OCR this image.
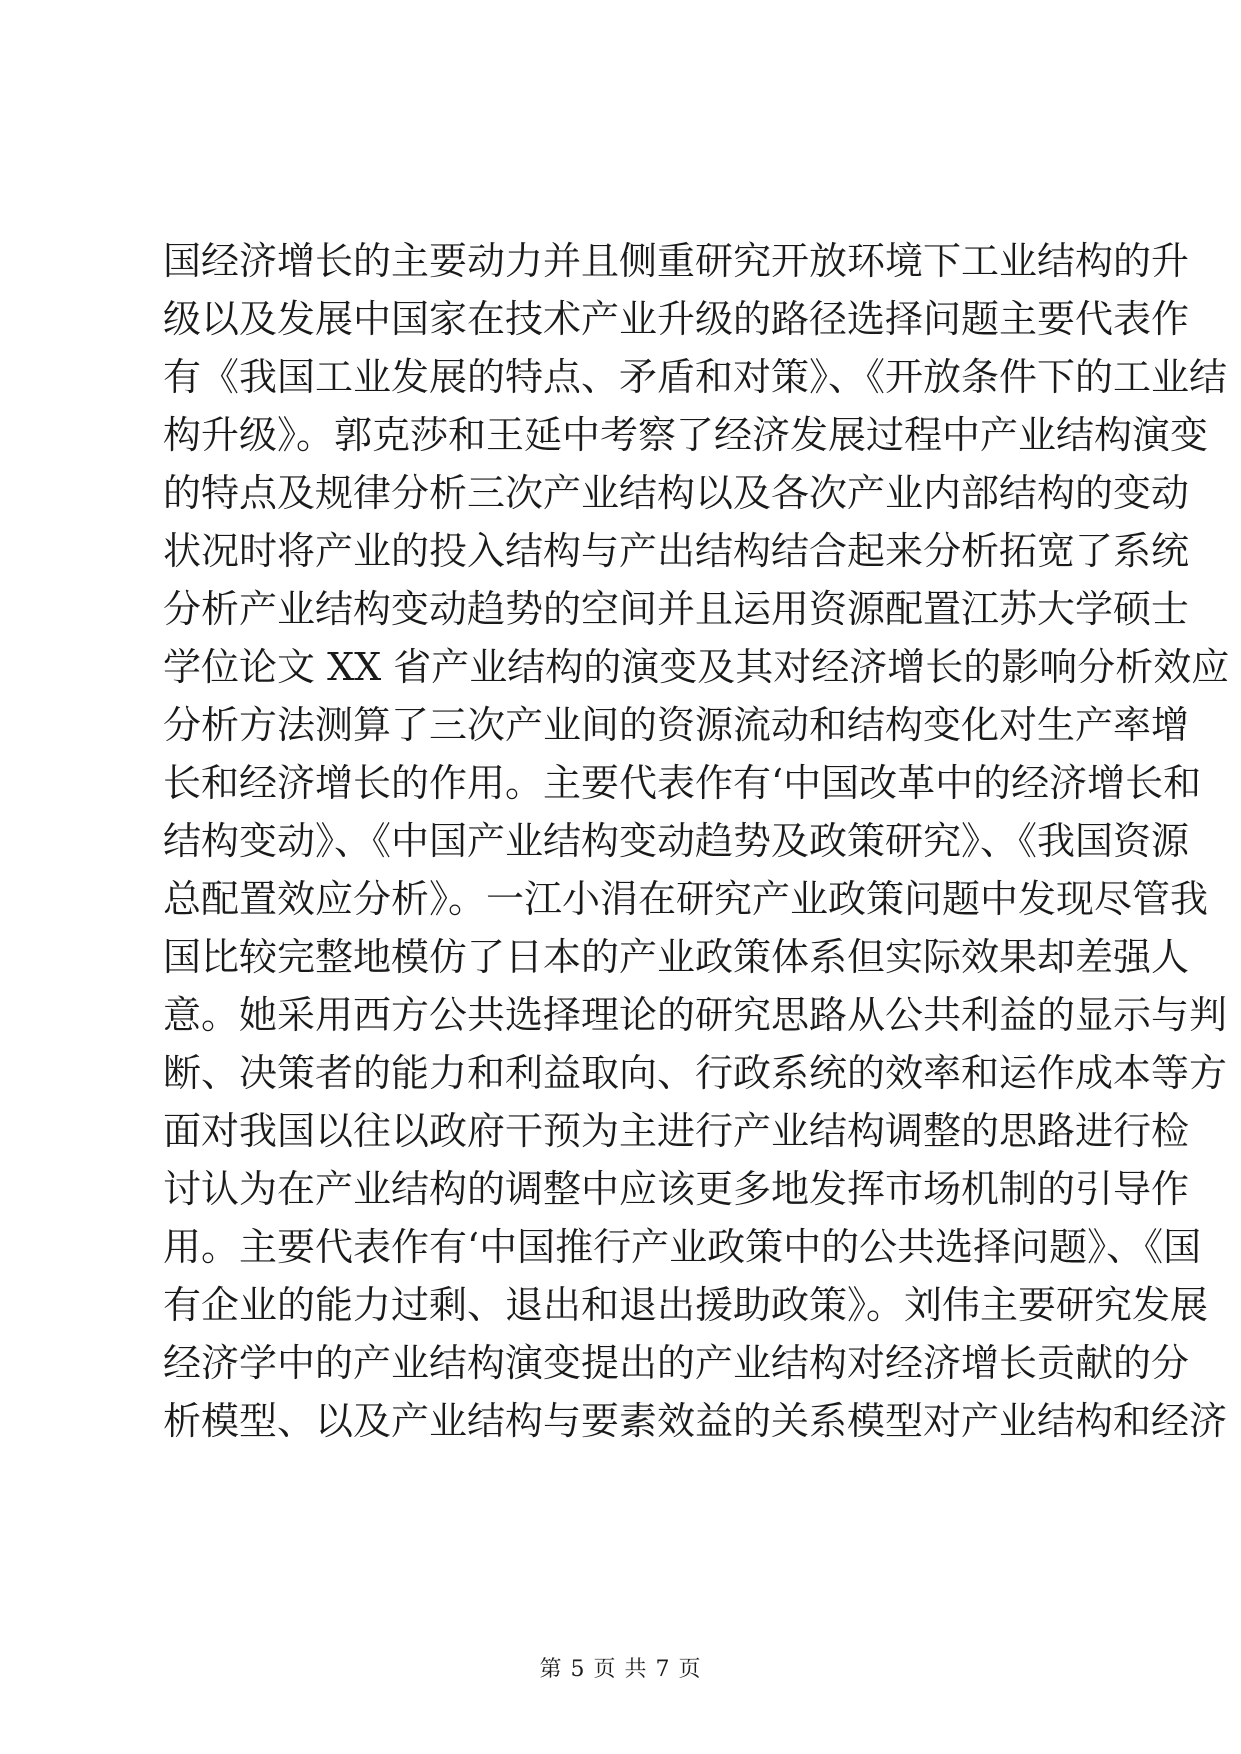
国经济增长的主要动力并且侧重研究开放环境下工业结构的升
级以及发展中国家在技术产业升级的路径选择问题主要代表作
有《我国工业发展的特点、矛盾和对策》、《开放条件下的工业结
构升级》。郭克莎和王延中考察了经济发展过程中产业结构演变
的特点及规律分析三次产业结构以及各次产业内部结构的变动
状况时将产业的投入结构与产出结构结合起来分析拓宽了系统
分析产业结构变动趋势的空间并且运用资源配置江苏大学硕士
学位论文 XX 省产业结构的演变及其对经济增长的影响分析效应
分析方法测算了三次产业间的资源流动和结构变化对生产率增
长和经济增长的作用。主要代表作有‘中国改革中的经济增长和
结构变动》、《中国产业结构变动趋势及政策研究》、《我国资源
总配置效应分析》。一江小涓在研究产业政策问题中发现尽管我
国比较完整地模仿了日本的产业政策体系但实际效果却差强人
意。她采用西方公共选择理论的研究思路从公共利益的显示与判
断、决策者的能力和利益取向、行政系统的效率和运作成本等方
面对我国以往以政府干预为主进行产业结构调整的思路进行检
讨认为在产业结构的调整中应该更多地发挥市场机制的引导作
用。主要代表作有‘中国推行产业政策中的公共选择问题》、《国
有企业的能力过剩、退出和退出援助政策》。刘伟主要研究发展
经济学中的产业结构演变提出的产业结构对经济增长贡献的分
析模型、以及产业结构与要素效益的关系模型对产业结构和经济
第 5 页 共 7 页
